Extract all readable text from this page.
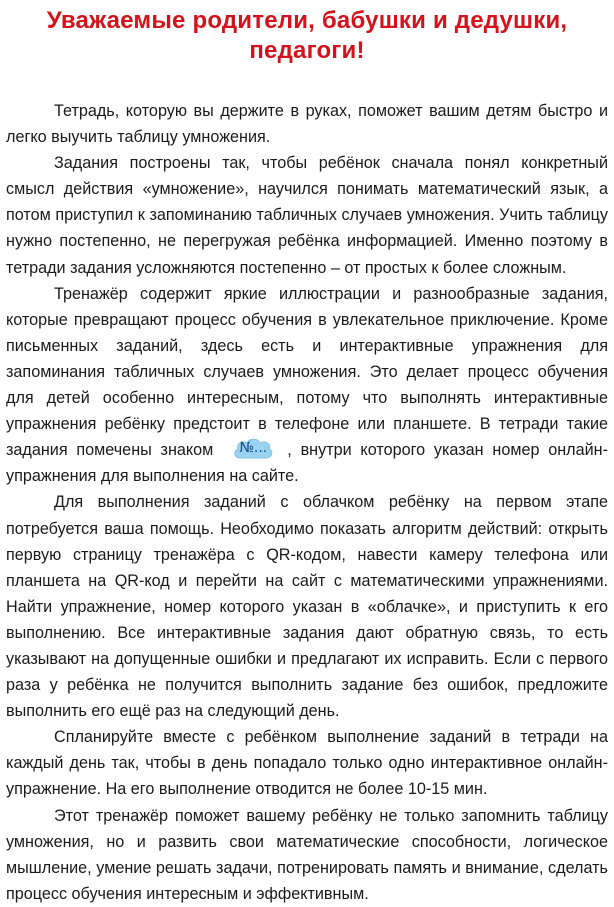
Уважаемые родители, бабушки и дедушки,
педагоги!

Тетрадь, которую вы держите в руках, поможет вашим детям быстро и легко выучить таблицу умножения.

Задания построены так, чтобы ребёнок сначала понял конкретный смысл действия «умножение», научился понимать математический язык, а потом приступил к запоминанию табличных случаев умножения. Учить таблицу нужно постепенно, не перегружая ребёнка информацией. Именно поэтому в тетради задания усложняются постепенно – от простых к более сложным.

Тренажёр содержит яркие иллюстрации и разнообразные задания, которые превращают процесс обучения в увлекательное приключение. Кроме письменных заданий, здесь есть и интерактивные упражнения для запоминания табличных случаев умножения. Это делает процесс обучения для детей особенно интересным, потому что выполнять интерактивные упражнения ребёнку предстоит в телефоне или планшете. В тетради такие задания помечены знаком	№...	, внутри которого указан номер онлайн-упражнения для выполнения на сайте.

Для выполнения заданий с облачком ребёнку на первом этапе потребуется ваша помощь. Необходимо показать алгоритм действий: открыть первую страницу тренажёра с QR-кодом, навести камеру телефона или планшета на QR-код и перейти на сайт с математическими упражнениями. Найти упражнение, номер которого указан в «облачке», и приступить к его выполнению. Все интерактивные задания дают обратную связь, то есть указывают на допущенные ошибки и предлагают их исправить. Если с первого раза у ребёнка не получится выполнить задание без ошибок, предложите выполнить его ещё раз на следующий день.

Спланируйте вместе с ребёнком выполнение заданий в тетради на каждый день так, чтобы в день попадало только одно интерактивное онлайн-упражнение. На его выполнение отводится не более 10-15 мин.

Этот тренажёр поможет вашему ребёнку не только запомнить таблицу умножения, но и развить свои математические способности, логическое мышление, умение решать задачи, потренировать память и внимание, сделать процесс обучения интересным и эффективным.
